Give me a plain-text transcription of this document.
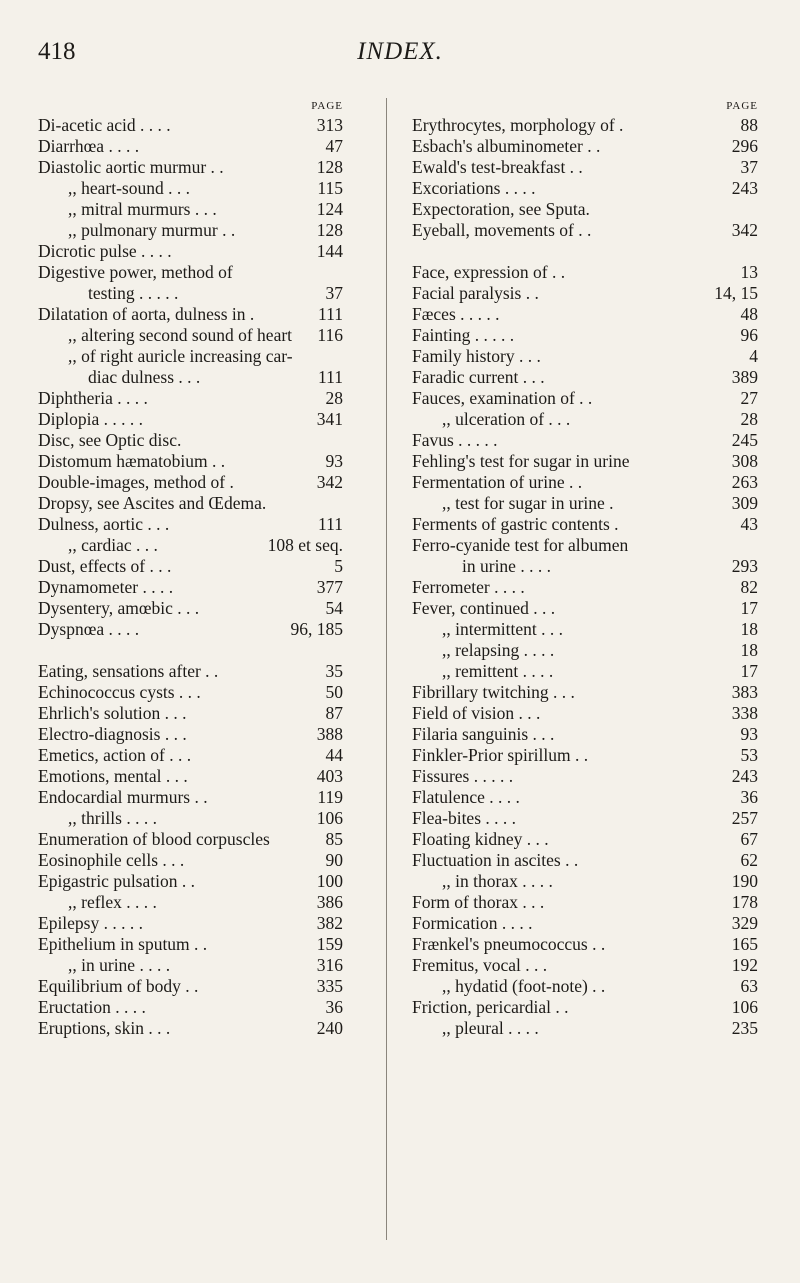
418	INDEX.
PAGE
Di-acetic acid . . . .	313
Diarrhœa . . . .	47
Diastolic aortic murmur . .	128
,, heart-sound . . .	115
,, mitral murmurs . . .	124
,, pulmonary murmur . .	128
Dicrotic pulse . . . .	144
Digestive power, method of
testing . . . . .	37
Dilatation of aorta, dulness in .	111
,, altering second sound of heart	116
,, of right auricle increasing car-
diac dulness . . .	111
Diphtheria . . . .	28
Diplopia . . . . .	341
Disc, see Optic disc.
Distomum hæmatobium . .	93
Double-images, method of .	342
Dropsy, see Ascites and Œdema.
Dulness, aortic . . .	111
,, cardiac . . .	108 et seq.
Dust, effects of . . .	5
Dynamometer . . . .	377
Dysentery, amœbic . . .	54
Dyspnœa . . . .	96, 185
Eating, sensations after . .	35
Echinococcus cysts . . .	50
Ehrlich's solution . . .	87
Electro-diagnosis . . .	388
Emetics, action of . . .	44
Emotions, mental . . .	403
Endocardial murmurs . .	119
,, thrills . . . .	106
Enumeration of blood corpuscles	85
Eosinophile cells . . .	90
Epigastric pulsation . .	100
,, reflex . . . .	386
Epilepsy . . . . .	382
Epithelium in sputum . .	159
,, in urine . . . .	316
Equilibrium of body . .	335
Eructation . . . .	36
Eruptions, skin . . .	240
PAGE
Erythrocytes, morphology of .	88
Esbach's albuminometer . .	296
Ewald's test-breakfast . .	37
Excoriations . . . .	243
Expectoration, see Sputa.
Eyeball, movements of . .	342
Face, expression of . .	13
Facial paralysis . .	14, 15
Fæces . . . . .	48
Fainting . . . . .	96
Family history . . .	4
Faradic current . . .	389
Fauces, examination of . .	27
,, ulceration of . . .	28
Favus . . . . .	245
Fehling's test for sugar in urine	308
Fermentation of urine . .	263
,, test for sugar in urine .	309
Ferments of gastric contents .	43
Ferro-cyanide test for albumen
in urine . . . .	293
Ferrometer . . . .	82
Fever, continued . . .	17
,, intermittent . . .	18
,, relapsing . . . .	18
,, remittent . . . .	17
Fibrillary twitching . . .	383
Field of vision . . .	338
Filaria sanguinis . . .	93
Finkler-Prior spirillum . .	53
Fissures . . . . .	243
Flatulence . . . .	36
Flea-bites . . . .	257
Floating kidney . . .	67
Fluctuation in ascites . .	62
,, in thorax . . . .	190
Form of thorax . . .	178
Formication . . . .	329
Frænkel's pneumococcus . .	165
Fremitus, vocal . . .	192
,, hydatid (foot-note) . .	63
Friction, pericardial . .	106
,, pleural . . . .	235
